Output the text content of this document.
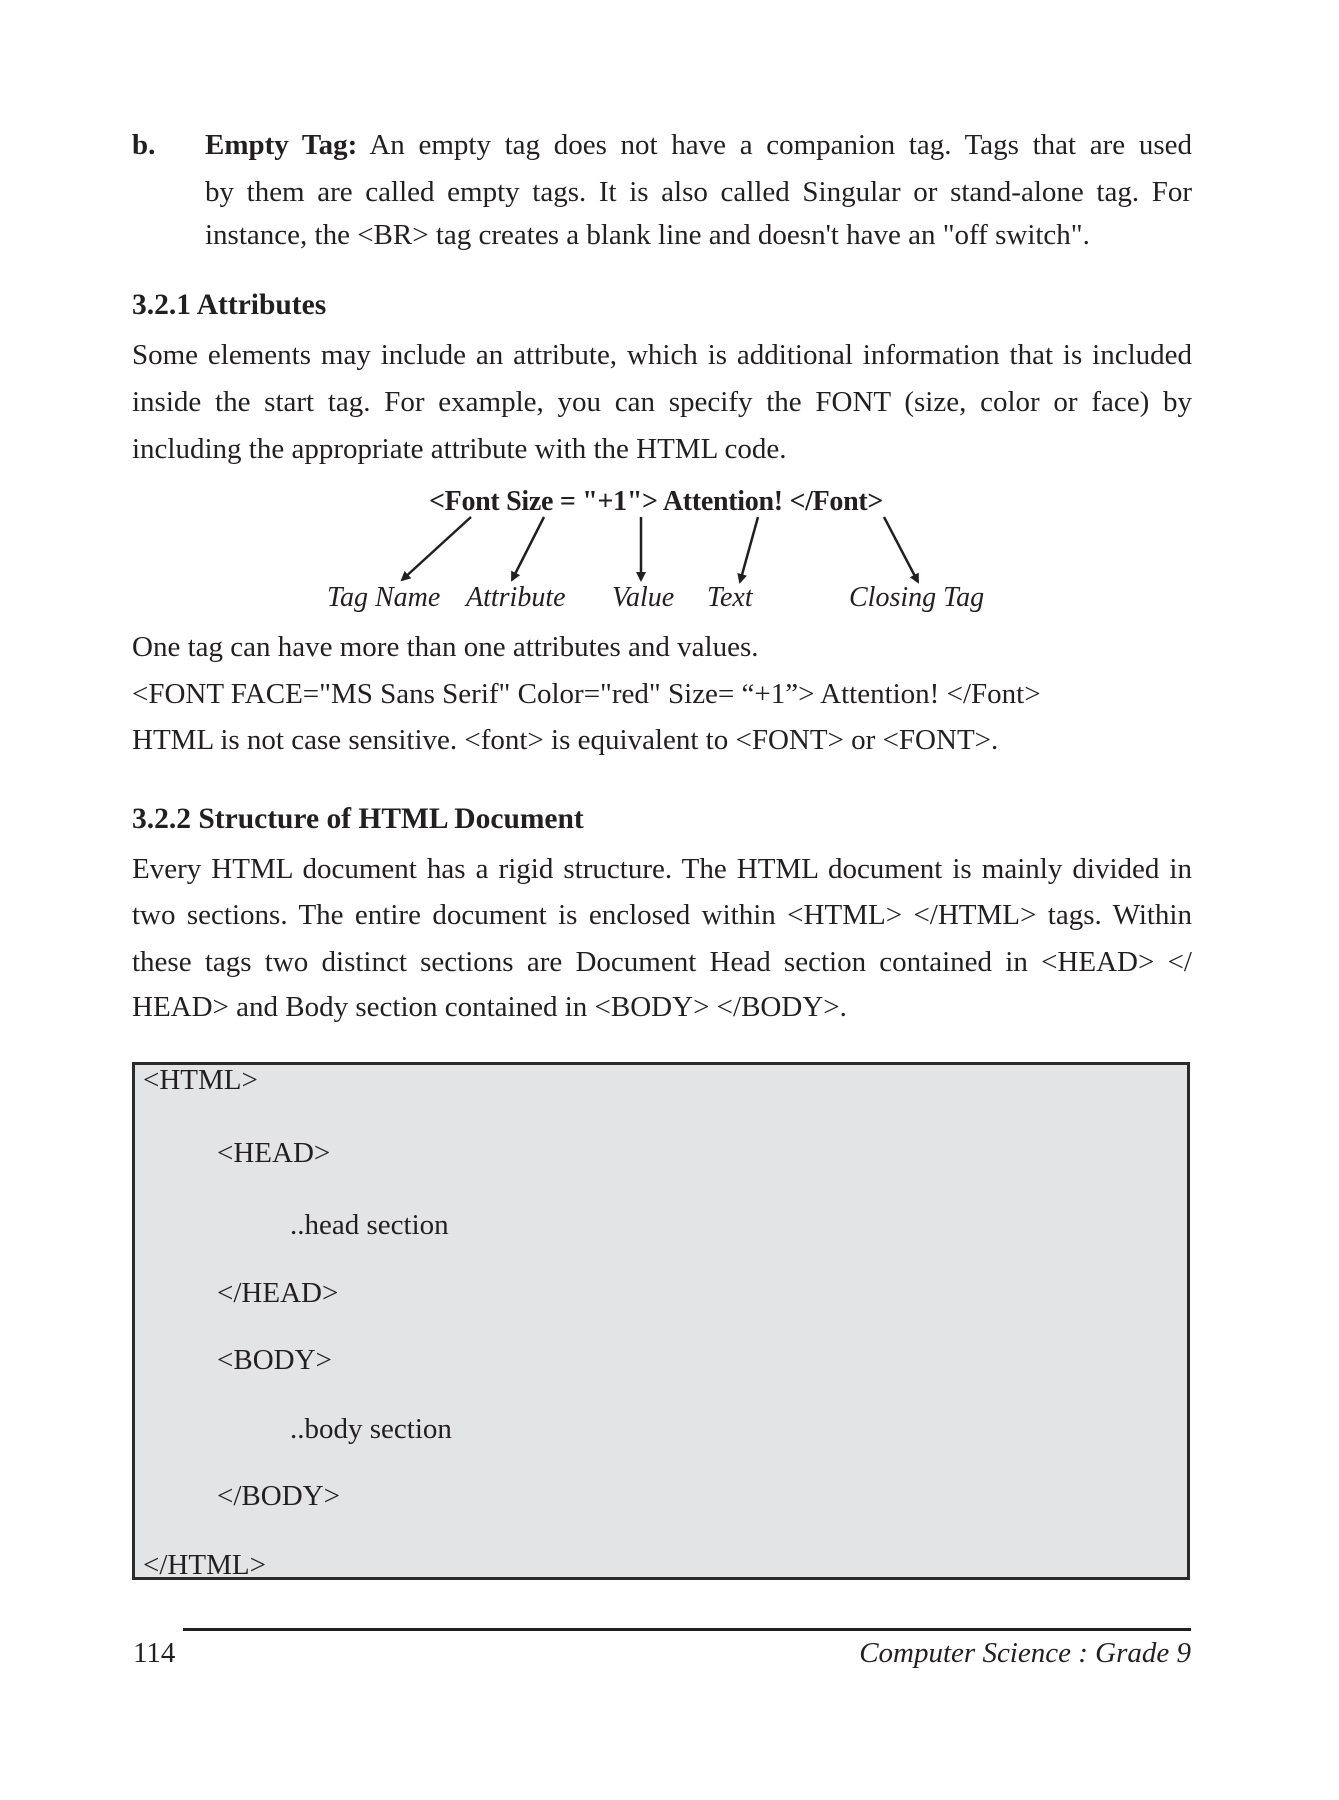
b. Empty Tag: An empty tag does not have a companion tag. Tags that are used
by them are called empty tags. It is also called Singular or stand-alone tag. For
instance, the <BR> tag creates a blank line and doesn't have an "off switch".
3.2.1 Attributes
Some elements may include an attribute, which is additional information that is included
inside the start tag. For example, you can specify the FONT (size, color or face) by
including the appropriate attribute with the HTML code.
<Font Size = "+1"> Attention! </Font>
Tag Name Attribute Value Text	Closing Tag
One tag can have more than one attributes and values.
<FONT FACE="MS Sans Serif" Color="red" Size= “+1”> Attention! </Font>
HTML is not case sensitive. <font> is equivalent to <FONT> or <FONT>.
3.2.2 Structure of HTML Document
Every HTML document has a rigid structure. The HTML document is mainly divided in
two sections. The entire document is enclosed within <HTML> </HTML> tags. Within
these tags two distinct sections are Document Head section contained in <HEAD> </
HEAD> and Body section contained in <BODY> </BODY>.
<HTML>
<HEAD>
..head section
</HEAD>
<BODY>
..body section
</BODY>
</HTML>
114	Computer Science : Grade 9
